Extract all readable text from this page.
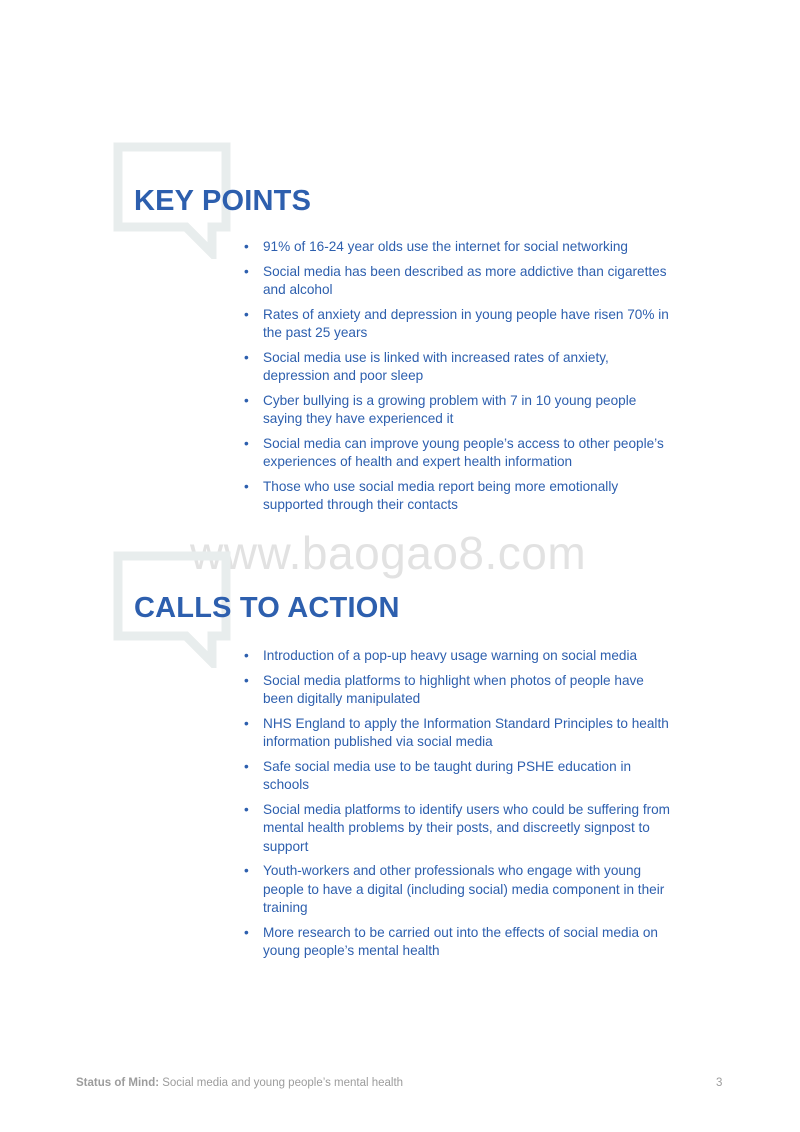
KEY POINTS
• 91% of 16-24 year olds use the internet for social networking
• Social media has been described as more addictive than cigarettes and alcohol
• Rates of anxiety and depression in young people have risen 70% in the past 25 years
• Social media use is linked with increased rates of anxiety, depression and poor sleep
• Cyber bullying is a growing problem with 7 in 10 young people saying they have experienced it
• Social media can improve young people’s access to other people’s experiences of health and expert health information
• Those who use social media report being more emotionally supported through their contacts
www.baogao8.com
CALLS TO ACTION
• Introduction of a pop-up heavy usage warning on social media
• Social media platforms to highlight when photos of people have been digitally manipulated
• NHS England to apply the Information Standard Principles to health information published via social media
• Safe social media use to be taught during PSHE education in schools
• Social media platforms to identify users who could be suffering from mental health problems by their posts, and discreetly signpost to support
• Youth-workers and other professionals who engage with young people to have a digital (including social) media component in their training
• More research to be carried out into the effects of social media on young people’s mental health
Status of Mind: Social media and young people’s mental health	3
